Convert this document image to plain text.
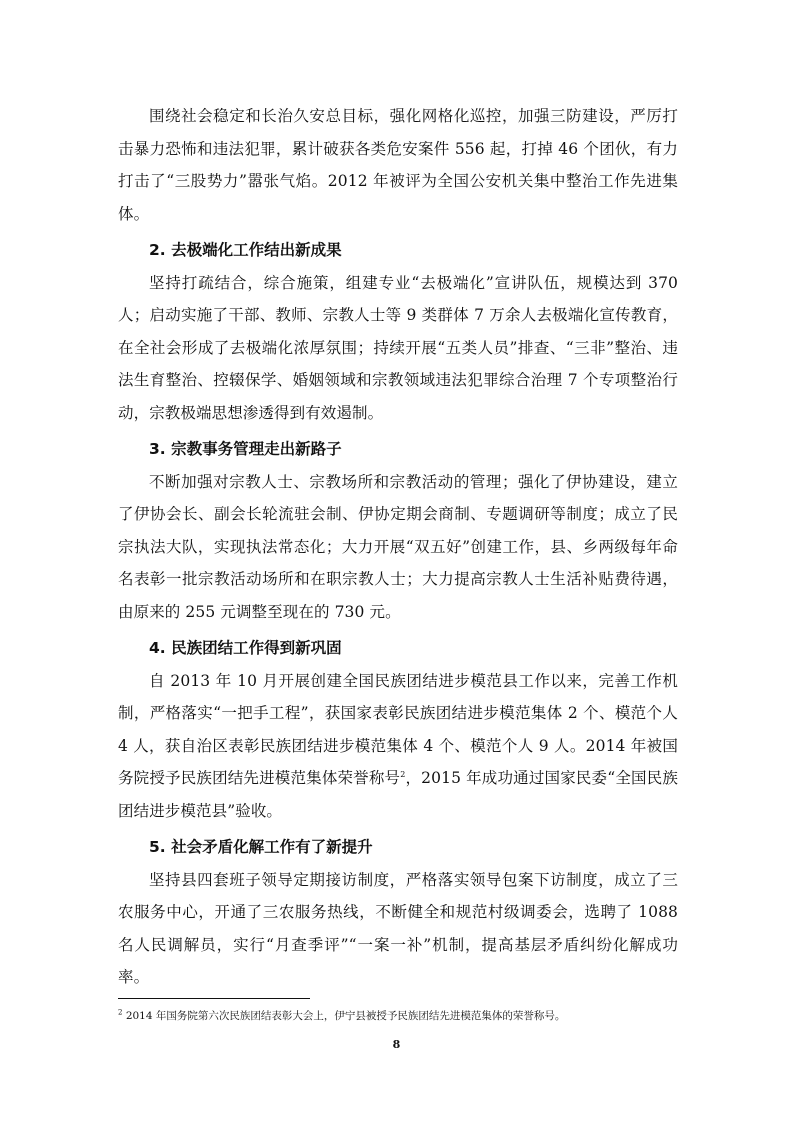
围绕社会稳定和长治久安总目标，强化网格化巡控，加强三防建设，严厉打击暴力恐怖和违法犯罪，累计破获各类危安案件 556 起，打掉 46 个团伙，有力打击了“三股势力”嚣张气焰。2012 年被评为全国公安机关集中整治工作先进集体。

2. 去极端化工作结出新成果

坚持打疏结合，综合施策，组建专业“去极端化”宣讲队伍，规模达到 370 人；启动实施了干部、教师、宗教人士等 9 类群体 7 万余人去极端化宣传教育，在全社会形成了去极端化浓厚氛围；持续开展“五类人员”排查、“三非”整治、违法生育整治、控辍保学、婚姻领域和宗教领域违法犯罪综合治理 7 个专项整治行动，宗教极端思想渗透得到有效遏制。

3. 宗教事务管理走出新路子

不断加强对宗教人士、宗教场所和宗教活动的管理；强化了伊协建设，建立了伊协会长、副会长轮流驻会制、伊协定期会商制、专题调研等制度；成立了民宗执法大队，实现执法常态化；大力开展“双五好”创建工作，县、乡两级每年命名表彰一批宗教活动场所和在职宗教人士；大力提高宗教人士生活补贴费待遇，由原来的 255 元调整至现在的 730 元。

4. 民族团结工作得到新巩固

自 2013 年 10 月开展创建全国民族团结进步模范县工作以来，完善工作机制，严格落实“一把手工程”，获国家表彰民族团结进步模范集体 2 个、模范个人 4 人，获自治区表彰民族团结进步模范集体 4 个、模范个人 9 人。2014 年被国务院授予民族团结先进模范集体荣誉称号$^2$，2015 年成功通过国家民委“全国民族团结进步模范县”验收。

5. 社会矛盾化解工作有了新提升

坚持县四套班子领导定期接访制度，严格落实领导包案下访制度，成立了三农服务中心，开通了三农服务热线，不断健全和规范村级调委会，选聘了 1088 名人民调解员，实行“月查季评”“一案一补”机制，提高基层矛盾纠纷化解成功率。

$^2$ 2014 年国务院第六次民族团结表彰大会上，伊宁县被授予民族团结先进模范集体的荣誉称号。
8
